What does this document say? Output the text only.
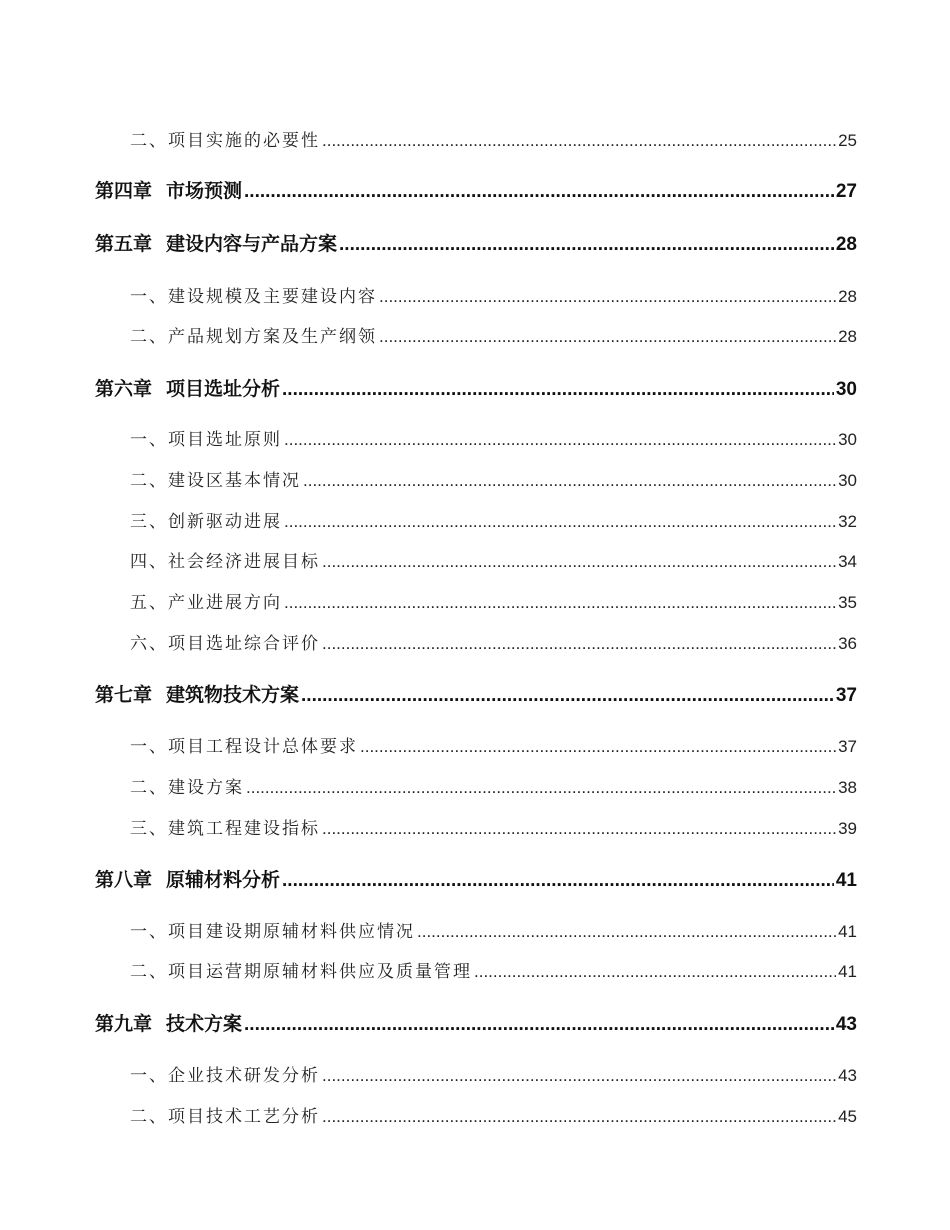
二、 项目实施的必要性 .....	25
第四章 市场预测 .....	27
第五章 建设内容与产品方案 .....	28
一、 建设规模及主要建设内容 .....	28
二、 产品规划方案及生产纲领 .....	28
第六章 项目选址分析 .....	30
一、 项目选址原则 .....	30
二、 建设区基本情况 .....	30
三、 创新驱动进展 .....	32
四、 社会经济进展目标 .....	34
五、 产业进展方向 .....	35
六、 项目选址综合评价 .....	36
第七章 建筑物技术方案 .....	37
一、 项目工程设计总体要求 .....	37
二、 建设方案 .....	38
三、 建筑工程建设指标 .....	39
第八章 原辅材料分析 .....	41
一、 项目建设期原辅材料供应情况 .....	41
二、 项目运营期原辅材料供应及质量管理 .....	41
第九章 技术方案 .....	43
一、 企业技术研发分析 .....	43
二、 项目技术工艺分析 .....	45
